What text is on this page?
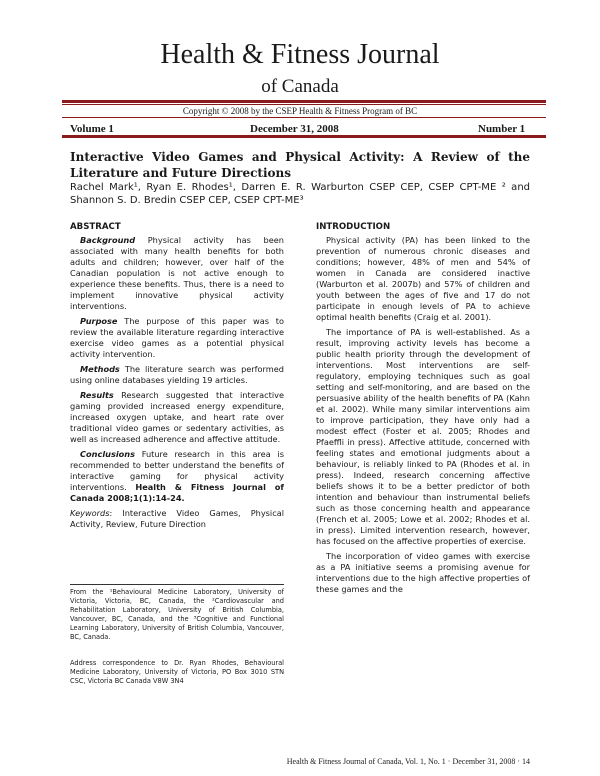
Health & Fitness Journal
of Canada
Copyright © 2008 by the CSEP Health & Fitness Program of BC
Volume 1	December 31, 2008	Number 1
Interactive Video Games and Physical Activity: A Review of the Literature and Future Directions
Rachel Mark¹, Ryan E. Rhodes¹, Darren E. R. Warburton CSEP CEP, CSEP CPT-ME ² and Shannon S. D. Bredin CSEP CEP, CSEP CPT-ME³
ABSTRACT

Background Physical activity has been associated with many health benefits for both adults and children; however, over half of the Canadian population is not active enough to experience these benefits. Thus, there is a need to implement innovative physical activity interventions.

Purpose The purpose of this paper was to review the available literature regarding interactive exercise video games as a potential physical activity intervention.

Methods The literature search was performed using online databases yielding 19 articles.

Results Research suggested that interactive gaming provided increased energy expenditure, increased oxygen uptake, and heart rate over traditional video games or sedentary activities, as well as increased adherence and affective attitude.

Conclusions Future research in this area is recommended to better understand the benefits of interactive gaming for physical activity interventions. Health & Fitness Journal of Canada 2008;1(1):14-24.

Keywords: Interactive Video Games, Physical Activity, Review, Future Direction

From the ¹Behavioural Medicine Laboratory, University of Victoria, Victoria, BC, Canada, the ²Cardiovascular and Rehabilitation Laboratory, University of British Columbia, Vancouver, BC, Canada, and the ³Cognitive and Functional Learning Laboratory, University of British Columbia, Vancouver, BC, Canada.
Address correspondence to Dr. Ryan Rhodes, Behavioural Medicine Laboratory, University of Victoria, PO Box 3010 STN CSC, Victoria BC Canada V8W 3N4
INTRODUCTION

Physical activity (PA) has been linked to the prevention of numerous chronic diseases and conditions; however, 48% of men and 54% of women in Canada are considered inactive (Warburton et al. 2007b) and 57% of children and youth between the ages of five and 17 do not participate in enough levels of PA to achieve optimal health benefits (Craig et al. 2001).

The importance of PA is well-established. As a result, improving activity levels has become a public health priority through the development of interventions. Most interventions are self-regulatory, employing techniques such as goal setting and self-monitoring, and are based on the persuasive ability of the health benefits of PA (Kahn et al. 2002). While many similar interventions aim to improve participation, they have only had a modest effect (Foster et al. 2005; Rhodes and Pfaeffli in press). Affective attitude, concerned with feeling states and emotional judgments about a behaviour, is reliably linked to PA (Rhodes et al. in press). Indeed, research concerning affective beliefs shows it to be a better predictor of both intention and behaviour than instrumental beliefs such as those concerning health and appearance (French et al. 2005; Lowe et al. 2002; Rhodes et al. in press). Limited intervention research, however, has focused on the affective properties of exercise.

The incorporation of video games with exercise as a PA initiative seems a promising avenue for interventions due to the high affective properties of these games and the

Health & Fitness Journal of Canada, Vol. 1, No. 1 · December 31, 2008 · 14
